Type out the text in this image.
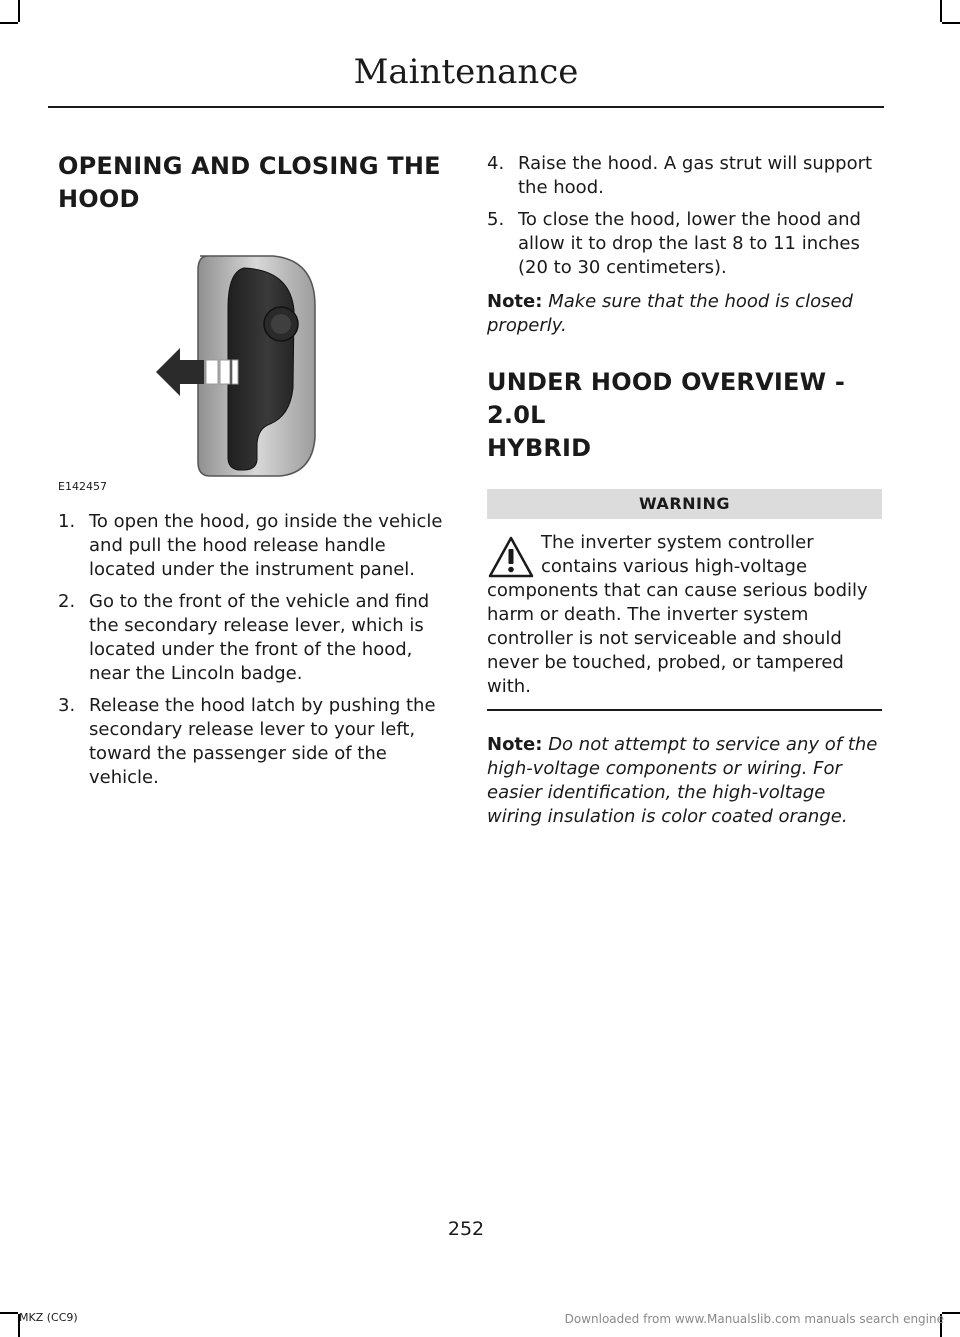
Maintenance
OPENING AND CLOSING THE
HOOD
E142457
1. To open the hood, go inside the vehicle and pull the hood release handle located under the instrument panel.
2. Go to the front of the vehicle and find the secondary release lever, which is located under the front of the hood, near the Lincoln badge.
3. Release the hood latch by pushing the secondary release lever to your left, toward the passenger side of the vehicle.
4. Raise the hood. A gas strut will support the hood.
5. To close the hood, lower the hood and allow it to drop the last 8 to 11 inches (20 to 30 centimeters).

Note: Make sure that the hood is closed properly.

UNDER HOOD OVERVIEW - 2.0L
HYBRID
WARNING
The inverter system controller contains various high-voltage components that can cause serious bodily harm or death. The inverter system controller is not serviceable and should never be touched, probed, or tampered with.

Note: Do not attempt to service any of the high-voltage components or wiring. For easier identification, the high-voltage wiring insulation is color coated orange.

252
MKZ (CC9)	Downloaded from www.Manualslib.com manuals search engine
